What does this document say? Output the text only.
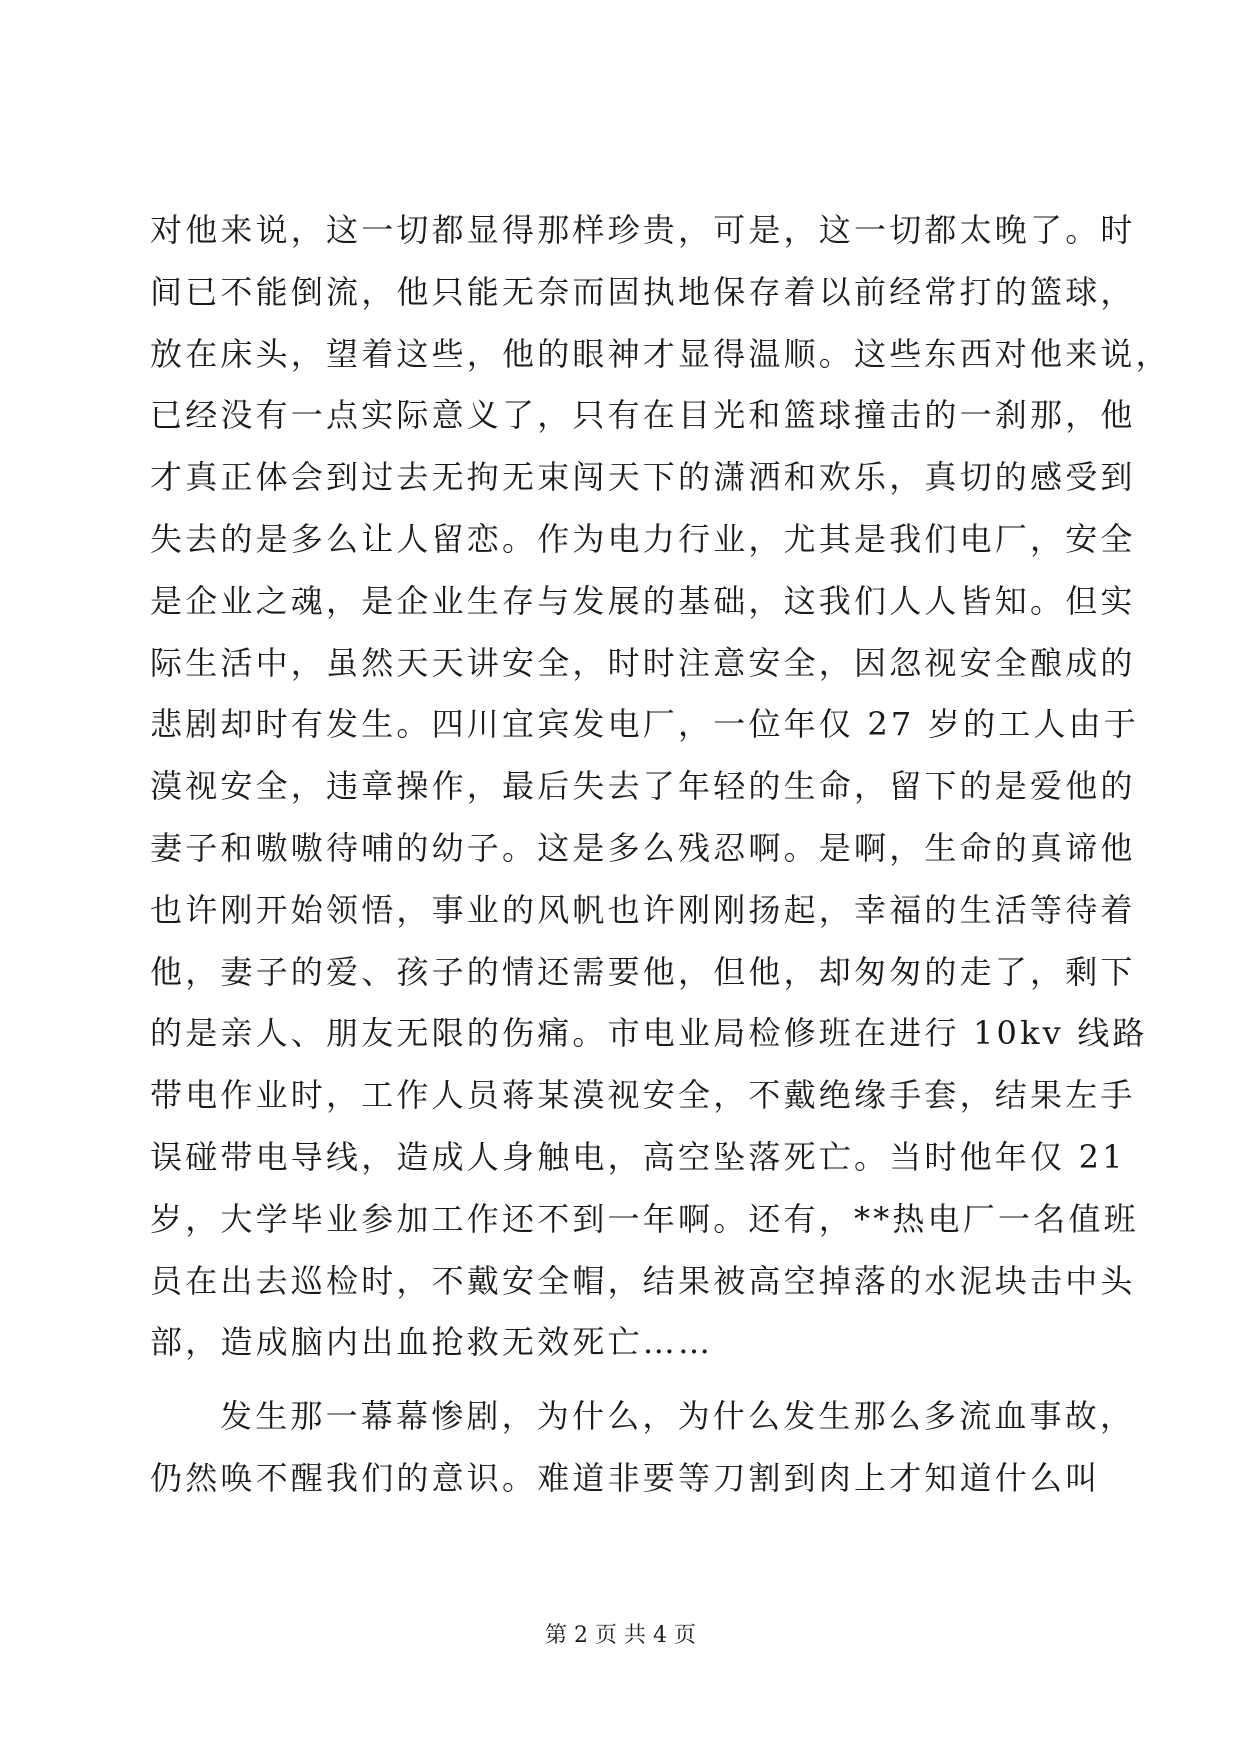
对他来说，这一切都显得那样珍贵，可是，这一切都太晚了。时
间已不能倒流，他只能无奈而固执地保存着以前经常打的篮球，
放在床头，望着这些，他的眼神才显得温顺。这些东西对他来说，
已经没有一点实际意义了，只有在目光和篮球撞击的一刹那，他
才真正体会到过去无拘无束闯天下的潇洒和欢乐，真切的感受到
失去的是多么让人留恋。作为电力行业，尤其是我们电厂，安全
是企业之魂，是企业生存与发展的基础，这我们人人皆知。但实
际生活中，虽然天天讲安全，时时注意安全，因忽视安全酿成的
悲剧却时有发生。四川宜宾发电厂，一位年仅 27 岁的工人由于
漠视安全，违章操作，最后失去了年轻的生命，留下的是爱他的
妻子和嗷嗷待哺的幼子。这是多么残忍啊。是啊，生命的真谛他
也许刚开始领悟，事业的风帆也许刚刚扬起，幸福的生活等待着
他，妻子的爱、孩子的情还需要他，但他，却匆匆的走了，剩下
的是亲人、朋友无限的伤痛。市电业局检修班在进行 10kv 线路
带电作业时，工作人员蒋某漠视安全，不戴绝缘手套，结果左手
误碰带电导线，造成人身触电，高空坠落死亡。当时他年仅 21
岁，大学毕业参加工作还不到一年啊。还有，**热电厂一名值班
员在出去巡检时，不戴安全帽，结果被高空掉落的水泥块击中头
部，造成脑内出血抢救无效死亡……
发生那一幕幕惨剧，为什么，为什么发生那么多流血事故，
仍然唤不醒我们的意识。难道非要等刀割到肉上才知道什么叫
第 2 页 共 4 页
